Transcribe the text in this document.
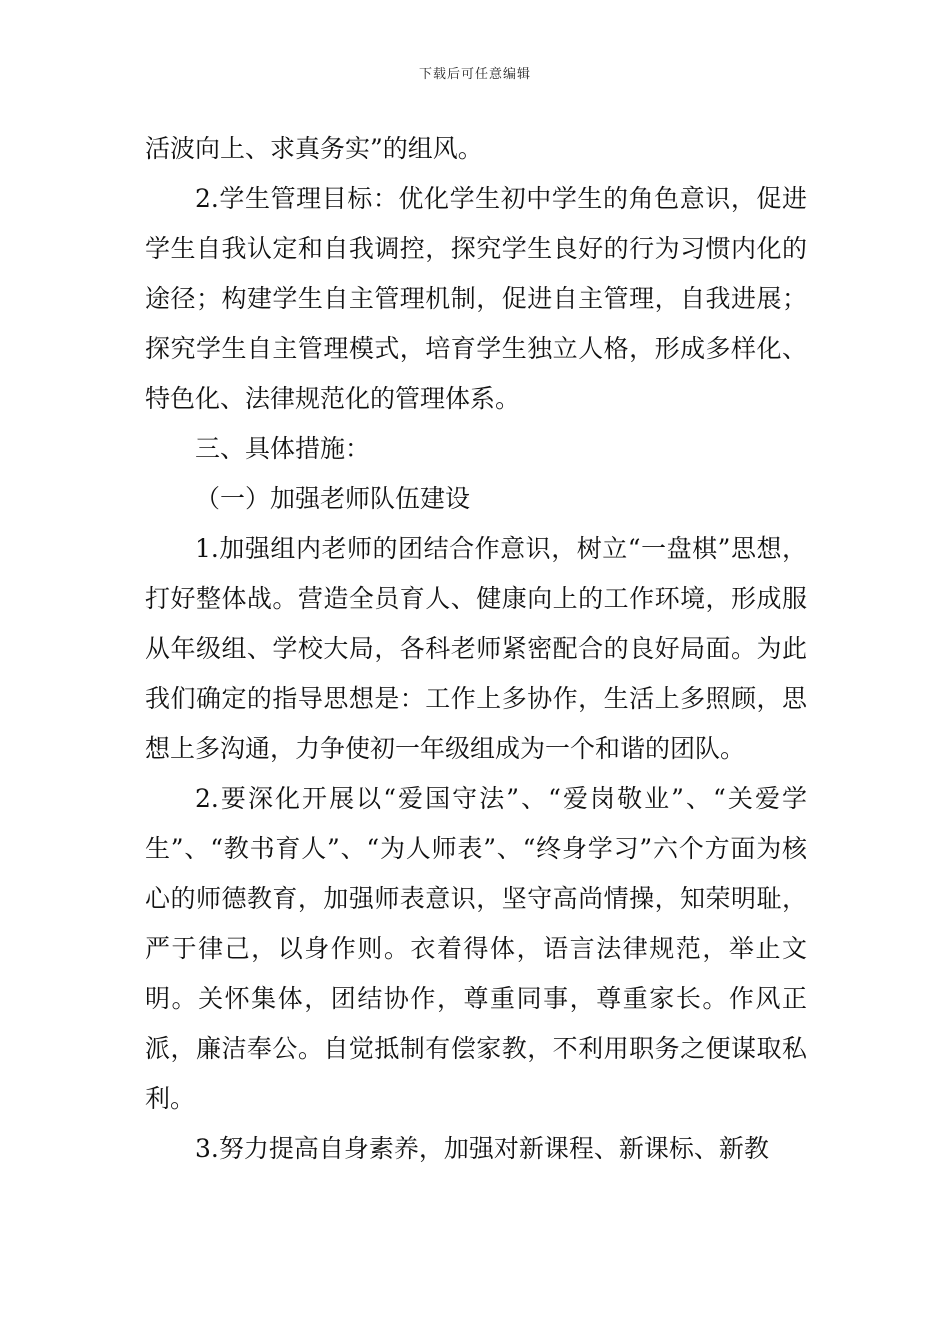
下载后可任意编辑

活波向上、求真务实”的组风。

2.学生管理目标：优化学生初中学生的角色意识，促进学生自我认定和自我调控，探究学生良好的行为习惯内化的途径；构建学生自主管理机制，促进自主管理，自我进展；探究学生自主管理模式，培育学生独立人格，形成多样化、特色化、法律规范化的管理体系。

三、具体措施：

（一）加强老师队伍建设

1.加强组内老师的团结合作意识，树立“一盘棋”思想，打好整体战。营造全员育人、健康向上的工作环境，形成服从年级组、学校大局，各科老师紧密配合的良好局面。为此我们确定的指导思想是：工作上多协作，生活上多照顾，思想上多沟通，力争使初一年级组成为一个和谐的团队。

2.要深化开展以“爱国守法”、“爱岗敬业”、“关爱学生”、“教书育人”、“为人师表”、“终身学习”六个方面为核心的师德教育，加强师表意识，坚守高尚情操，知荣明耻，严于律己，以身作则。衣着得体，语言法律规范，举止文明。关怀集体，团结协作，尊重同事，尊重家长。作风正派，廉洁奉公。自觉抵制有偿家教，不利用职务之便谋取私利。

3.努力提高自身素养，加强对新课程、新课标、新教
